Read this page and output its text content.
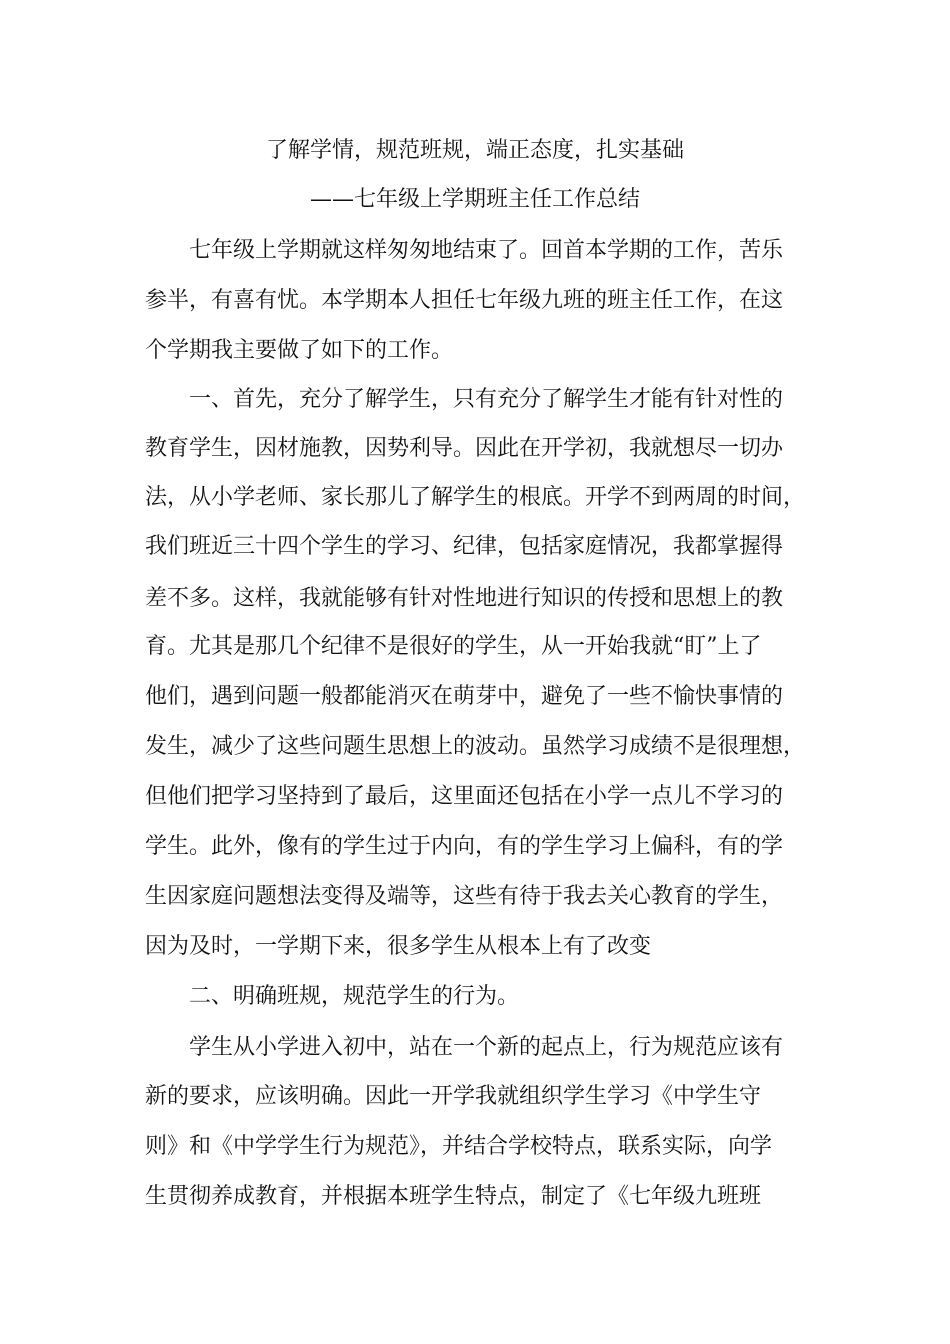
了解学情，规范班规，端正态度，扎实基础
——七年级上学期班主任工作总结

七年级上学期就这样匆匆地结束了。回首本学期的工作，苦乐

参半，有喜有忧。本学期本人担任七年级九班的班主任工作，在这

个学期我主要做了如下的工作。

一、首先，充分了解学生，只有充分了解学生才能有针对性的

教育学生，因材施教，因势利导。因此在开学初，我就想尽一切办

法，从小学老师、家长那儿了解学生的根底。开学不到两周的时间，

我们班近三十四个学生的学习、纪律，包括家庭情况，我都掌握得

差不多。这样，我就能够有针对性地进行知识的传授和思想上的教

育。尤其是那几个纪律不是很好的学生，从一开始我就“盯”上了

他们，遇到问题一般都能消灭在萌芽中，避免了一些不愉快事情的

发生，减少了这些问题生思想上的波动。虽然学习成绩不是很理想，

但他们把学习坚持到了最后，这里面还包括在小学一点儿不学习的

学生。此外，像有的学生过于内向，有的学生学习上偏科，有的学

生因家庭问题想法变得及端等，这些有待于我去关心教育的学生，

因为及时，一学期下来，很多学生从根本上有了改变

二、明确班规，规范学生的行为。

学生从小学进入初中，站在一个新的起点上，行为规范应该有

新的要求，应该明确。因此一开学我就组织学生学习《中学生守

则》和《中学学生行为规范》，并结合学校特点，联系实际，向学

生贯彻养成教育，并根据本班学生特点，制定了《七年级九班班
